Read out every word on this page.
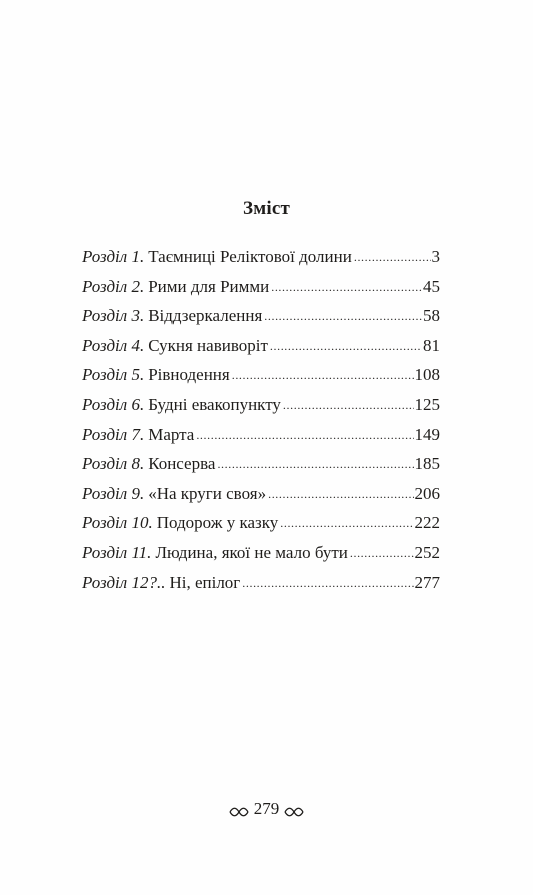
Зміст
Розділ 1. Таємниці Реліктової долини .....	3
Розділ 2. Рими для Римми .....	45
Розділ 3. Віддзеркалення .....	58
Розділ 4. Сукня навиворіт .....	81
Розділ 5. Рівнодення .....	108
Розділ 6. Будні евакопункту .....	125
Розділ 7. Марта .....	149
Розділ 8. Консерва .....	185
Розділ 9. «На круги своя» .....	206
Розділ 10. Подорож у казку .....	222
Розділ 11. Людина, якої не мало бути .....	252
Розділ 12?.. Ні, епілог .....	277
279
